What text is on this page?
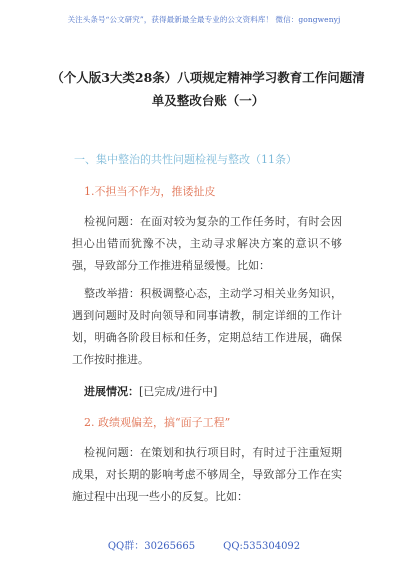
关注头条号“公文研究”，获得最新最全最专业的公文资料库！ 微信：gongwenyj
（个人版3大类28条）八项规定精神学习教育工作问题清单及整改台账（一）
一、集中整治的共性问题检视与整改（11条）
1.不担当不作为，推诿扯皮
检视问题：在面对较为复杂的工作任务时，有时会因担心出错而犹豫不决，主动寻求解决方案的意识不够强，导致部分工作推进稍显缓慢。比如：
整改举措：积极调整心态，主动学习相关业务知识，遇到问题时及时向领导和同事请教，制定详细的工作计划，明确各阶段目标和任务，定期总结工作进展，确保工作按时推进。
进展情况：[已完成/进行中]
2. 政绩观偏差，搞“面子工程”
检视问题：在策划和执行项目时，有时过于注重短期成果，对长期的影响考虑不够周全，导致部分工作在实施过程中出现一些小的反复。比如：
QQ群：30265665	QQ:535304092
